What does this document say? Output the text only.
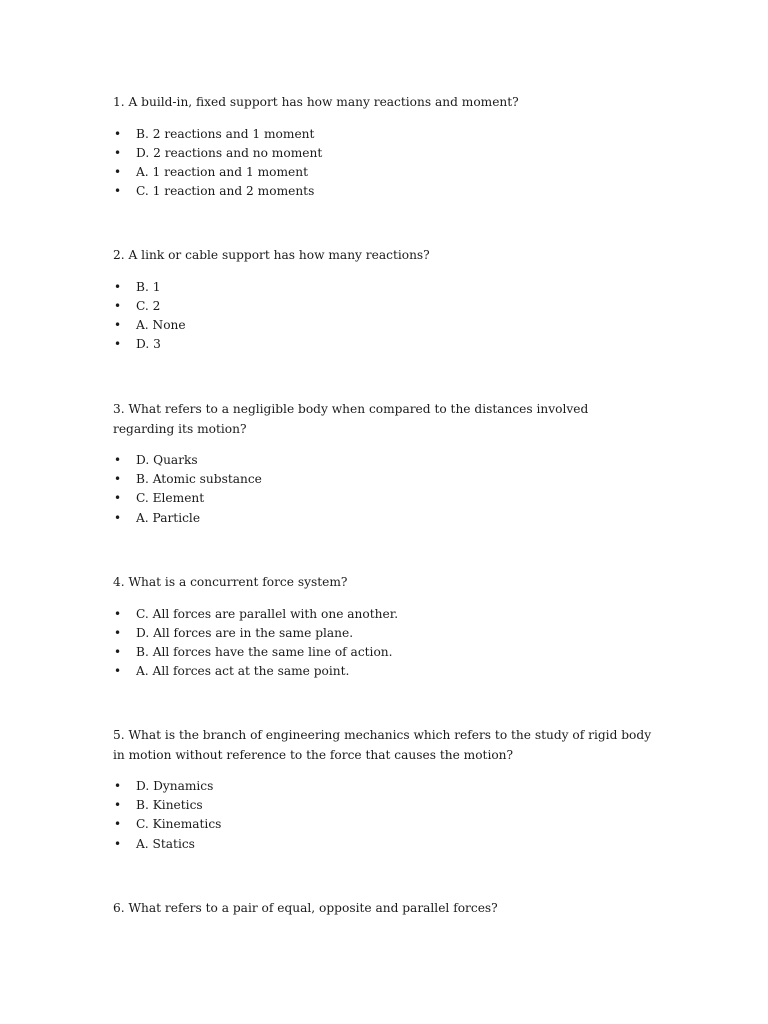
1. A build-in, fixed support has how many reactions and moment?

• B. 2 reactions and 1 moment
• D. 2 reactions and no moment
• A. 1 reaction and 1 moment
• C. 1 reaction and 2 moments

2. A link or cable support has how many reactions?

• B. 1
• C. 2
• A. None
• D. 3

3. What refers to a negligible body when compared to the distances involved regarding its motion?

• D. Quarks
• B. Atomic substance
• C. Element
• A. Particle

4. What is a concurrent force system?

• C. All forces are parallel with one another.
• D. All forces are in the same plane.
• B. All forces have the same line of action.
• A. All forces act at the same point.

5. What is the branch of engineering mechanics which refers to the study of rigid body in motion without reference to the force that causes the motion?

• D. Dynamics
• B. Kinetics
• C. Kinematics
• A. Statics

6. What refers to a pair of equal, opposite and parallel forces?
